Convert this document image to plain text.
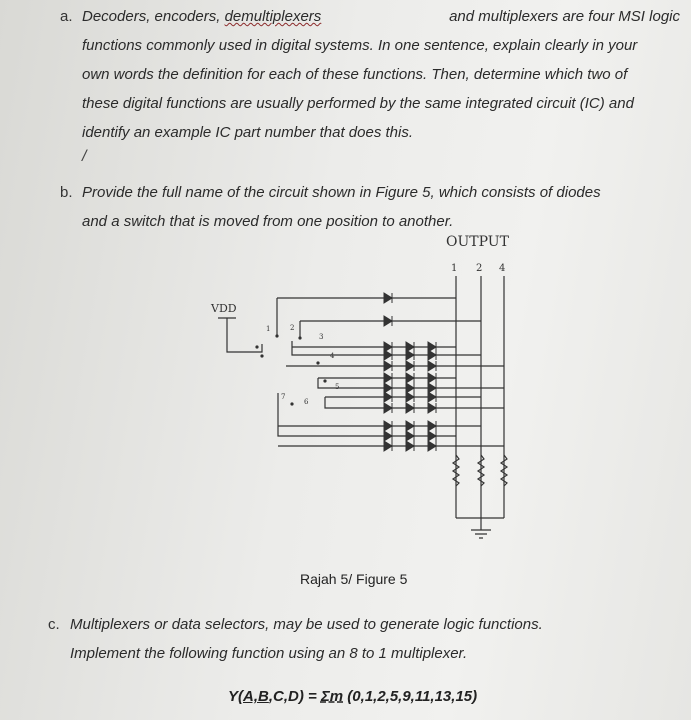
a. Decoders, encoders, demultiplexers	and multiplexers are four MSI logic
functions commonly used in digital systems. In one sentence, explain clearly in your
own words the definition for each of these functions. Then, determine which two of
these digital functions are usually performed by the same integrated circuit (IC) and
identify an example IC part number that does this.
/
b. Provide the full name of the circuit shown in Figure 5, which consists of diodes
and a switch that is moved from one position to another.
OUTPUT
1 2 4
VDD
1	2
3
4
5
6
7
Rajah 5/ Figure 5
c. Multiplexers or data selectors, may be used to generate logic functions.
Implement the following function using an 8 to 1 multiplexer.
Y(A,B,C,D) = Σm (0,1,2,5,9,11,13,15)
